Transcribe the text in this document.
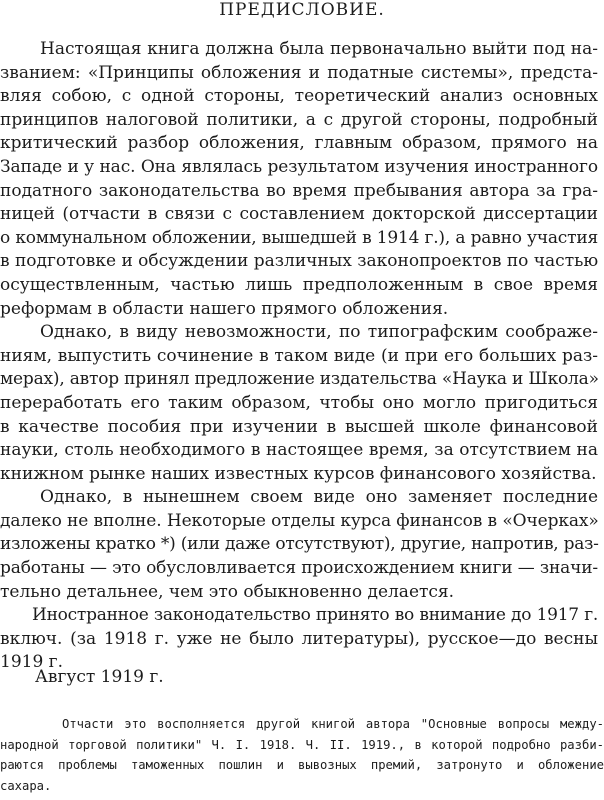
ПРЕДИСЛОВИЕ.
Настоящая книга должна была первоначально выйти под на-
званием: «Принципы обложения и податные системы», предста-
вляя собою, с одной стороны, теоретический анализ основных
принципов налоговой политики, а с другой стороны, подробный
критический разбор обложения, главным образом, прямого на
Западе и у нас. Она являлась результатом изучения иностранного
податного законодательства во время пребывания автора за гра-
ницей (отчасти в связи с составлением докторской диссертации
о коммунальном обложении, вышедшей в 1914 г.), а равно участия
в подготовке и обсуждении различных законопроектов по частью
осуществленным, частью лишь предположенным в свое время
реформам в области нашего прямого обложения.
Однако, в виду невозможности, по типографским соображе-
ниям, выпустить сочинение в таком виде (и при его больших раз-
мерах), автор принял предложение издательства «Наука и Школа»
переработать его таким образом, чтобы оно могло пригодиться
в качестве пособия при изучении в высшей школе финансовой
науки, столь необходимого в настоящее время, за отсутствием на
книжном рынке наших известных курсов финансового хозяйства.
Однако, в нынешнем своем виде оно заменяет последние
далеко не вполне. Некоторые отделы курса финансов в «Очерках»
изложены кратко *) (или даже отсутствуют), другие, напротив, раз-
работаны — это обусловливается происхождением книги — значи-
тельно детальнее, чем это обыкновенно делается.
Иностранное законодательство принято во внимание до 1917 г.
включ. (за 1918 г. уже не было литературы), русское—до весны
1919 г.
Август 1919 г.
Отчасти это восполняется другой книгой автора "Основные вопросы между-
народной торговой политики" Ч. I. 1918. Ч. II. 1919., в которой подробно разби-
раются проблемы таможенных пошлин и вывозных премий, затронуто и обложение
сахара.
